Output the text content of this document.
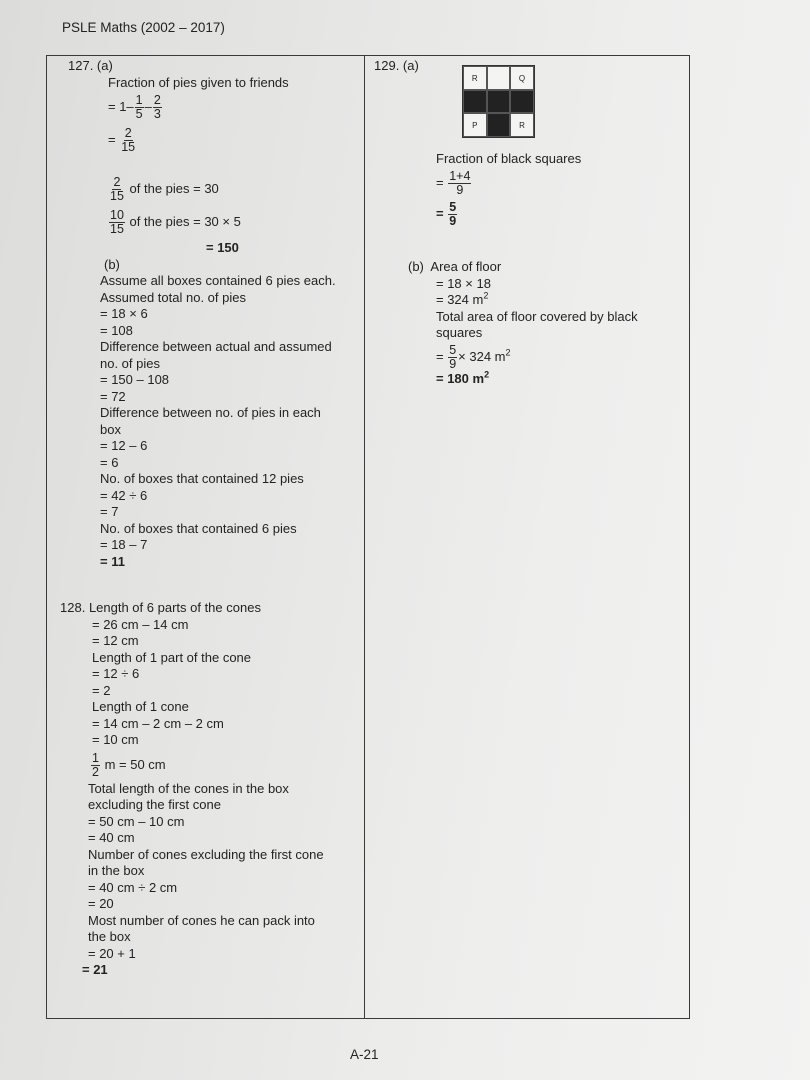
PSLE Maths (2002 – 2017)
127. (a)
Fraction of pies given to friends
= $1- \frac{1}{5} - \frac{2}{3}$
= $\frac{2}{15}$
$\frac{2}{15}$ of the pies = 30
$\frac{10}{15}$ of the pies = 30 × 5
= 150
(b)
Assume all boxes contained 6 pies each.
Assumed total no. of pies
= 18 × 6
= 108
Difference between actual and assumed
no. of pies
= 150 – 108
= 72
Difference between no. of pies in each
box
= 12 – 6
= 6
No. of boxes that contained 12 pies
= 42 ÷ 6
= 7
No. of boxes that contained 6 pies
= 18 – 7
= 11
128. Length of 6 parts of the cones
= 26 cm – 14 cm
= 12 cm
Length of 1 part of the cone
= 12 ÷ 6
= 2
Length of 1 cone
= 14 cm – 2 cm – 2 cm
= 10 cm
$\frac{1}{2}$ m = 50 cm
Total length of the cones in the box
excluding the first cone
= 50 cm – 10 cm
= 40 cm
Number of cones excluding the first cone
in the box
= 40 cm ÷ 2 cm
= 20
Most number of cones he can pack into
the box
= 20 + 1
= 21
129. (a)
R	Q
P	R
Fraction of black squares
= $\frac{1+4}{9}$
= $\frac{5}{9}$
(b) Area of floor
= 18 × 18
= 324 $m^2$
Total area of floor covered by black
squares
= $\frac{5}{9} \times 324$ $m^2$
= 180 $m^2$
A-21
